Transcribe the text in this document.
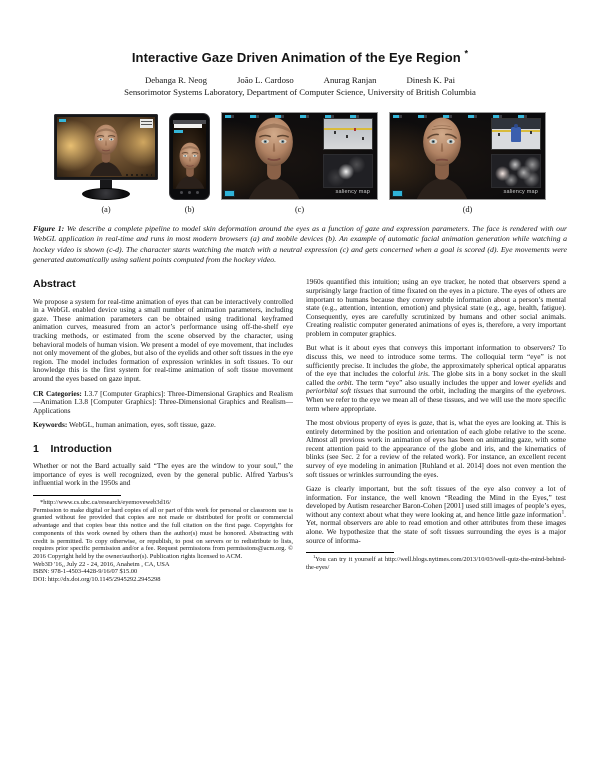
Interactive Gaze Driven Animation of the Eye Region *
Debanga R. Neog	João L. Cardoso	Anurag Ranjan	Dinesh K. Pai
Sensorimotor Systems Laboratory, Department of Computer Science, University of British Columbia
(a)	(b)
saliency map
(c)
saliency map
(d)
Figure 1: We describe a complete pipeline to model skin deformation around the eyes as a function of gaze and expression parameters. The face is rendered with our WebGL application in real-time and runs in most modern browsers (a) and mobile devices (b). An example of automatic facial animation generation while watching a hockey video is shown (c-d). The character starts watching the match with a neutral expression (c) and gets concerned when a goal is scored (d). Eye movements were generated automatically using salient points computed from the hockey video.
Abstract

We propose a system for real-time animation of eyes that can be interactively controlled in a WebGL enabled device using a small number of animation parameters, including gaze. These animation parameters can be obtained using traditional keyframed animation curves, measured from an actor’s performance using off-the-shelf eye tracking methods, or estimated from the scene observed by the character, using behavioral models of human vision. We present a model of eye movement, that includes not only movement of the globes, but also of the eyelids and other soft tissues in the eye region. The model includes formation of expression wrinkles in soft tissues. To our knowledge this is the first system for real-time animation of soft tissue movement around the eyes based on gaze input.

CR Categories: I.3.7 [Computer Graphics]: Three-Dimensional Graphics and Realism—Animation I.3.8 [Computer Graphics]: Three-Dimensional Graphics and Realism—Applications

Keywords: WebGL, human animation, eyes, soft tissue, gaze.

1    Introduction

Whether or not the Bard actually said “The eyes are the window to your soul,” the importance of eyes is well recognized, even by the general public. Alfred Yarbus’s influential work in the 1950s and

*http://www.cs.ubc.ca/research/eyemoveweb3d16/
Permission to make digital or hard copies of all or part of this work for personal or classroom use is granted without fee provided that copies are not made or distributed for profit or commercial advantage and that copies bear this notice and the full citation on the first page. Copyrights for components of this work owned by others than the author(s) must be honored. Abstracting with credit is permitted. To copy otherwise, or republish, to post on servers or to redistribute to lists, requires prior specific permission and/or a fee. Request permissions from permissions@acm.org. © 2016 Copyright held by the owner/author(s). Publication rights licensed to ACM.
Web3D '16,, July 22 - 24, 2016, Anaheim , CA, USA
ISBN: 978-1-4503-4428-9/16/07 $15.00
DOI: http://dx.doi.org/10.1145/2945292.2945298

1960s quantified this intuition; using an eye tracker, he noted that observers spend a surprisingly large fraction of time fixated on the eyes in a picture. The eyes of others are important to humans because they convey subtle information about a person’s mental state (e.g., attention, intention, emotion) and physical state (e.g., age, health, fatigue). Consequently, eyes are carefully scrutinized by humans and other social animals. Creating realistic computer generated animations of eyes is, therefore, a very important problem in computer graphics.

But what is it about eyes that conveys this important information to observers? To discuss this, we need to introduce some terms. The colloquial term “eye” is not sufficiently precise. It includes the globe, the approximately spherical optical apparatus of the eye that includes the colorful iris. The globe sits in a bony socket in the skull called the orbit. The term “eye” also usually includes the upper and lower eyelids and periorbital soft tissues that surround the orbit, including the margins of the eyebrows. When we refer to the eye we mean all of these tissues, and we will use the more specific term where appropriate.

The most obvious property of eyes is gaze, that is, what the eyes are looking at. This is entirely determined by the position and orientation of each globe relative to the scene. Almost all previous work in animation of eyes has been on animating gaze, with some recent attention paid to the appearance of the globe and iris, and the kinematics of blinks (see Sec. 2 for a review of the related work). For instance, an excellent recent survey of eye modeling in animation [Ruhland et al. 2014] does not even mention the soft tissues or wrinkles surrounding the eyes.

Gaze is clearly important, but the soft tissues of the eye also convey a lot of information. For instance, the well known “Reading the Mind in the Eyes,” test developed by Autism researcher Baron-Cohen [2001] used still images of people’s eyes, without any context about what they were looking at, and hence little gaze information$^1$. Yet, normal observers are able to read emotion and other attributes from these images alone. We hypothesize that the state of soft tissues surrounding the eyes is a major source of informa-

$^1$You can try it yourself at http://well.blogs.nytimes.com/2013/10/03/well-quiz-the-mind-behind-the-eyes/
